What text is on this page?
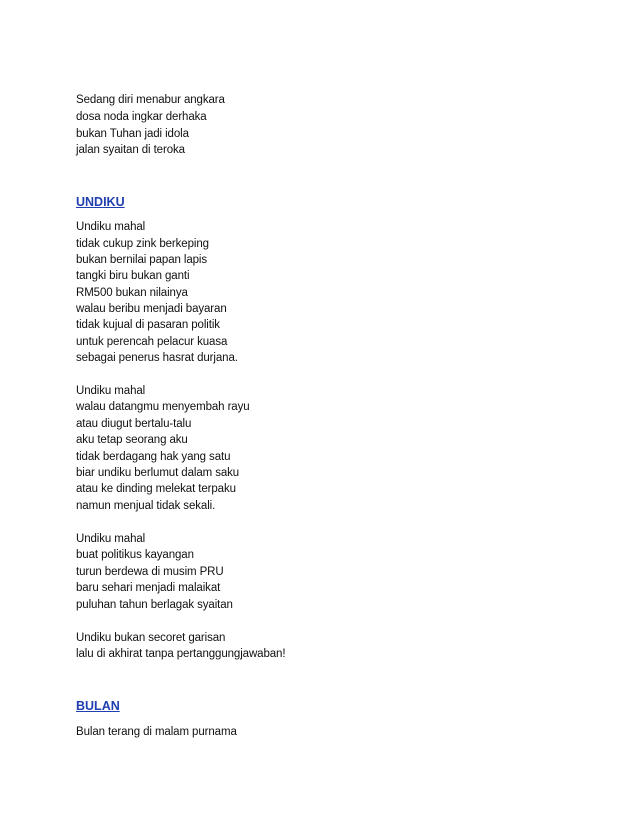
Sedang diri menabur angkara
dosa noda ingkar derhaka
bukan Tuhan jadi idola
jalan syaitan di teroka
UNDIKU
Undiku mahal
tidak cukup zink berkeping
bukan bernilai papan lapis
tangki biru bukan ganti
RM500 bukan nilainya
walau beribu menjadi bayaran
tidak kujual di pasaran politik
untuk perencah pelacur kuasa
sebagai penerus hasrat durjana.
Undiku mahal
walau datangmu menyembah rayu
atau diugut bertalu-talu
aku tetap seorang aku
tidak berdagang hak yang satu
biar undiku berlumut dalam saku
atau ke dinding melekat terpaku
namun menjual tidak sekali.
Undiku mahal
buat politikus kayangan
turun berdewa di musim PRU
baru sehari menjadi malaikat
puluhan tahun berlagak syaitan
Undiku bukan secoret garisan
lalu di akhirat tanpa pertanggungjawaban!
BULAN
Bulan terang di malam purnama
